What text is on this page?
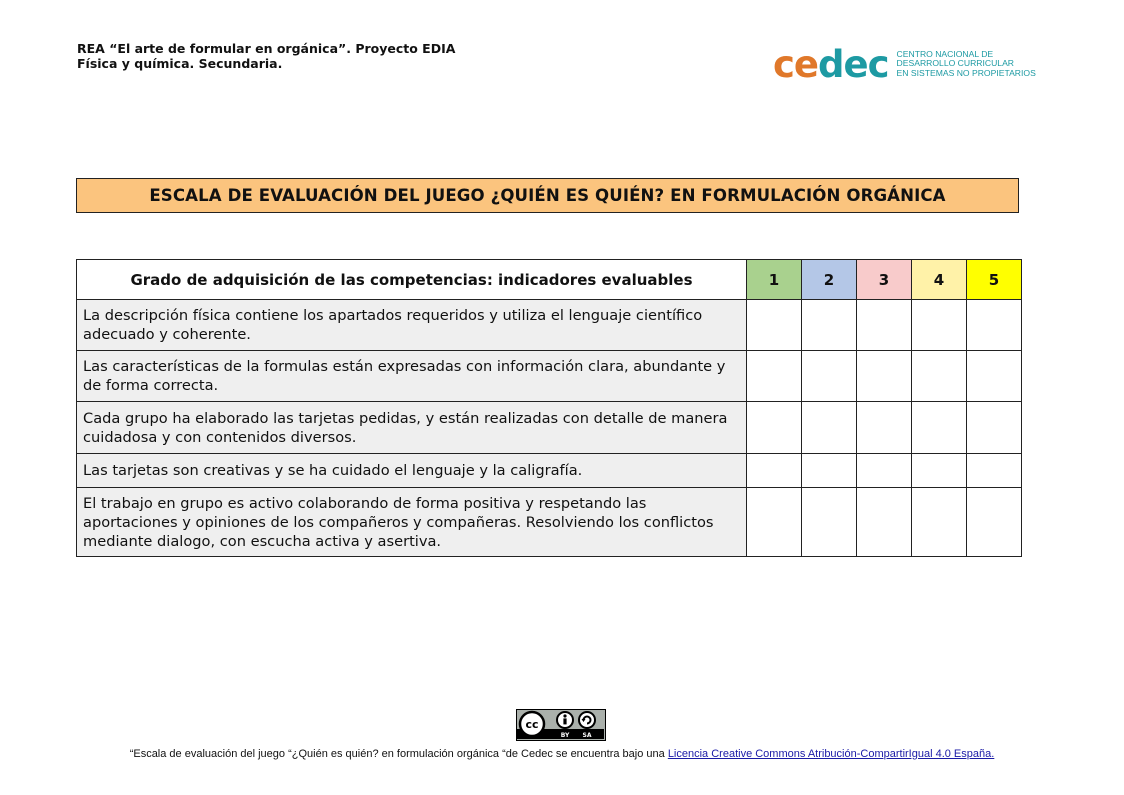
REA “El arte de formular en orgánica”. Proyecto EDIA
Física y química. Secundaria.	cedec CENTRO NACIONAL DE
DESARROLLO CURRICULAR
EN SISTEMAS NO PROPIETARIOS
ESCALA DE EVALUACIÓN DEL JUEGO ¿QUIÉN ES QUIÉN? EN FORMULACIÓN ORGÁNICA
Grado de adquisición de las competencias: indicadores evaluables	1	2	3	4	5
La descripción física contiene los apartados requeridos y utiliza el lenguaje científico adecuado y coherente.					
Las características de la formulas están expresadas con información clara, abundante y de forma correcta.					
Cada grupo ha elaborado las tarjetas pedidas, y están realizadas con detalle de manera cuidadosa y con contenidos diversos.					
Las tarjetas son creativas y se ha cuidado el lenguaje y la caligrafía.					
El trabajo en grupo es activo colaborando de forma positiva y respetando las aportaciones y opiniones de los compañeros y compañeras. Resolviendo los conflictos mediante dialogo, con escucha activa y asertiva.					
cc
BY SA
“Escala de evaluación del juego “¿Quién es quién? en formulación orgánica “de Cedec se encuentra bajo una Licencia Creative Commons Atribución-CompartirIgual 4.0 España.
